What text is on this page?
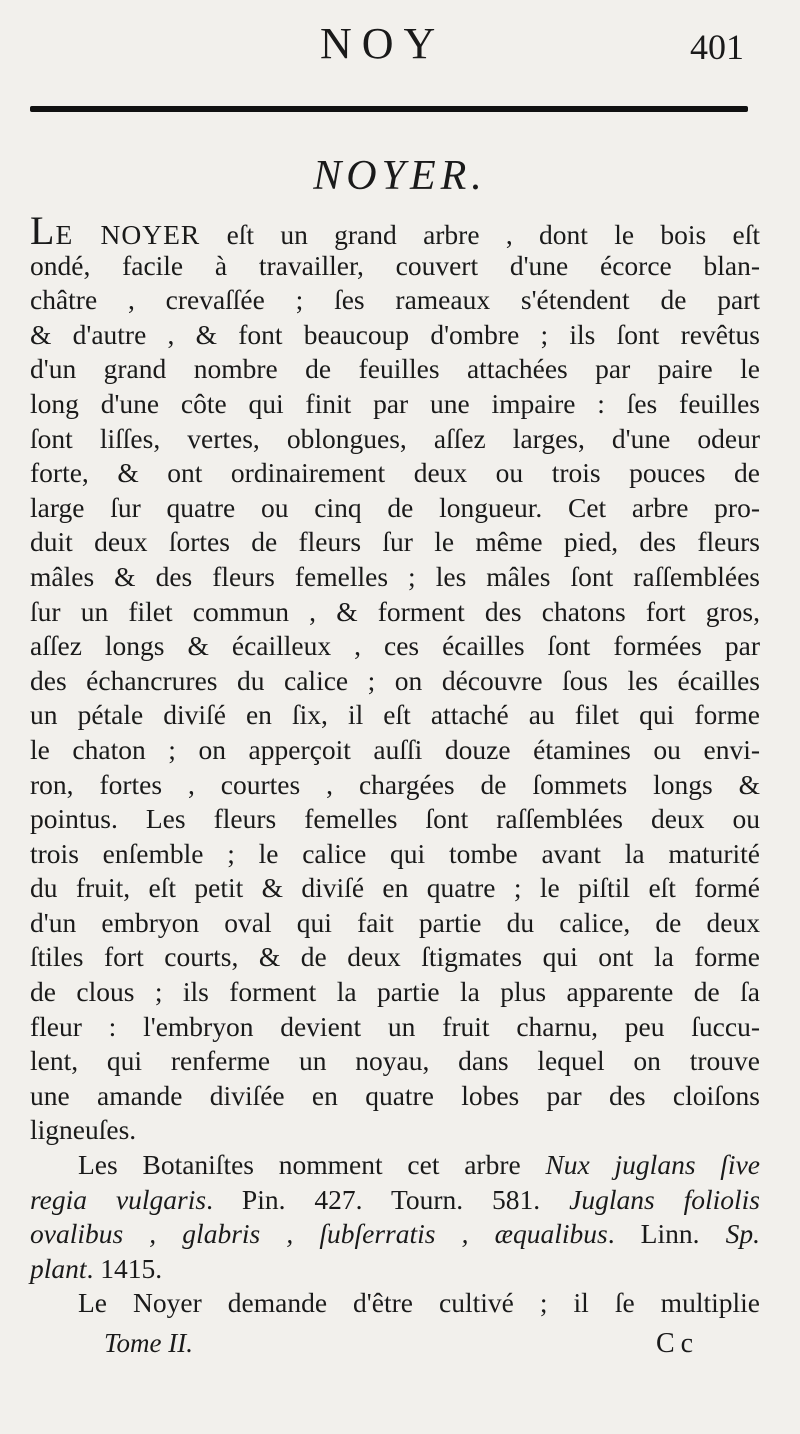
NOY	401
NOYER.
LE NOYER eſt un grand arbre , dont le bois eſt
ondé, facile à travailler, couvert d'une écorce blan-
châtre , crevaſſée ; ſes rameaux s'étendent de part
& d'autre , & font beaucoup d'ombre ; ils ſont revêtus
d'un grand nombre de feuilles attachées par paire le
long d'une côte qui finit par une impaire : ſes feuilles
ſont liſſes, vertes, oblongues, aſſez larges, d'une odeur
forte, & ont ordinairement deux ou trois pouces de
large ſur quatre ou cinq de longueur. Cet arbre pro-
duit deux ſortes de fleurs ſur le même pied, des fleurs
mâles & des fleurs femelles ; les mâles ſont raſſemblées
ſur un filet commun , & forment des chatons fort gros,
aſſez longs & écailleux , ces écailles ſont formées par
des échancrures du calice ; on découvre ſous les écailles
un pétale diviſé en ſix, il eſt attaché au filet qui forme
le chaton ; on apperçoit auſſi douze étamines ou envi-
ron, fortes , courtes , chargées de ſommets longs &
pointus. Les fleurs femelles ſont raſſemblées deux ou
trois enſemble ; le calice qui tombe avant la maturité
du fruit, eſt petit & diviſé en quatre ; le piſtil eſt formé
d'un embryon oval qui fait partie du calice, de deux
ſtiles fort courts, & de deux ſtigmates qui ont la forme
de clous ; ils forment la partie la plus apparente de ſa
fleur : l'embryon devient un fruit charnu, peu ſuccu-
lent, qui renferme un noyau, dans lequel on trouve
une amande diviſée en quatre lobes par des cloiſons
ligneuſes.
Les Botaniſtes nomment cet arbre Nux juglans ſive
regia vulgaris. Pin. 427. Tourn. 581. Juglans foliolis
ovalibus , glabris , ſubſerratis , æqualibus. Linn. Sp.
plant. 1415.
Le Noyer demande d'être cultivé ; il ſe multiplie
Tome II.	Cc
